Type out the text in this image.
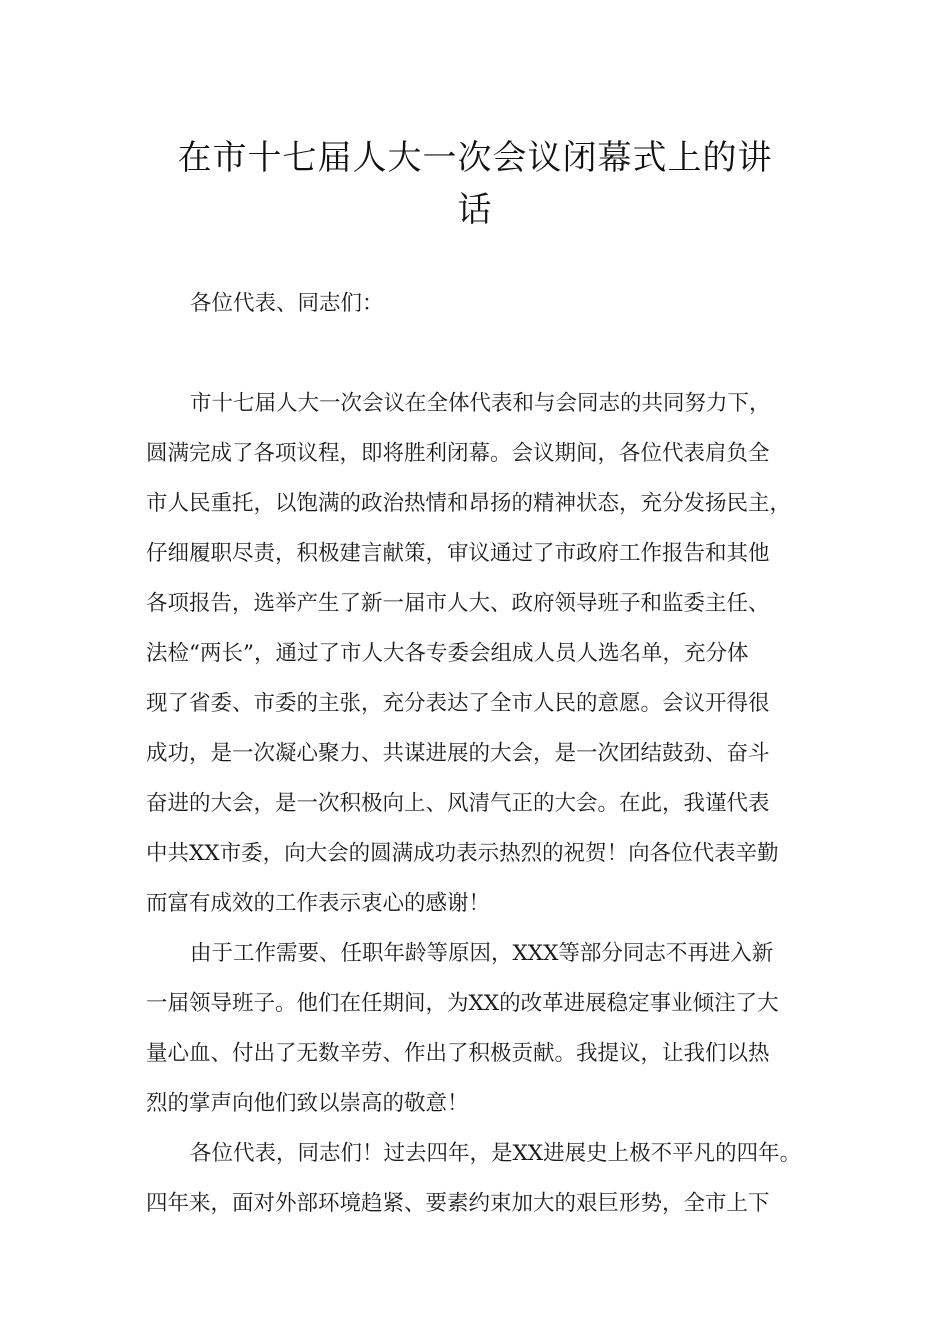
在市十七届人大一次会议闭幕式上的讲
话
各位代表、同志们：
市十七届人大一次会议在全体代表和与会同志的共同努力下，
圆满完成了各项议程，即将胜利闭幕。会议期间，各位代表肩负全
市人民重托，以饱满的政治热情和昂扬的精神状态，充分发扬民主，
仔细履职尽责，积极建言献策，审议通过了市政府工作报告和其他
各项报告，选举产生了新一届市人大、政府领导班子和监委主任、
法检“两长”，通过了市人大各专委会组成人员人选名单，充分体
现了省委、市委的主张，充分表达了全市人民的意愿。会议开得很
成功，是一次凝心聚力、共谋进展的大会，是一次团结鼓劲、奋斗
奋进的大会，是一次积极向上、风清气正的大会。在此，我谨代表
中共XX市委，向大会的圆满成功表示热烈的祝贺！向各位代表辛勤
而富有成效的工作表示衷心的感谢！
由于工作需要、任职年龄等原因，XXX等部分同志不再进入新
一届领导班子。他们在任期间，为XX的改革进展稳定事业倾注了大
量心血、付出了无数辛劳、作出了积极贡献。我提议，让我们以热
烈的掌声向他们致以崇高的敬意！
各位代表，同志们！过去四年，是XX进展史上极不平凡的四年。
四年来，面对外部环境趋紧、要素约束加大的艰巨形势，全市上下
